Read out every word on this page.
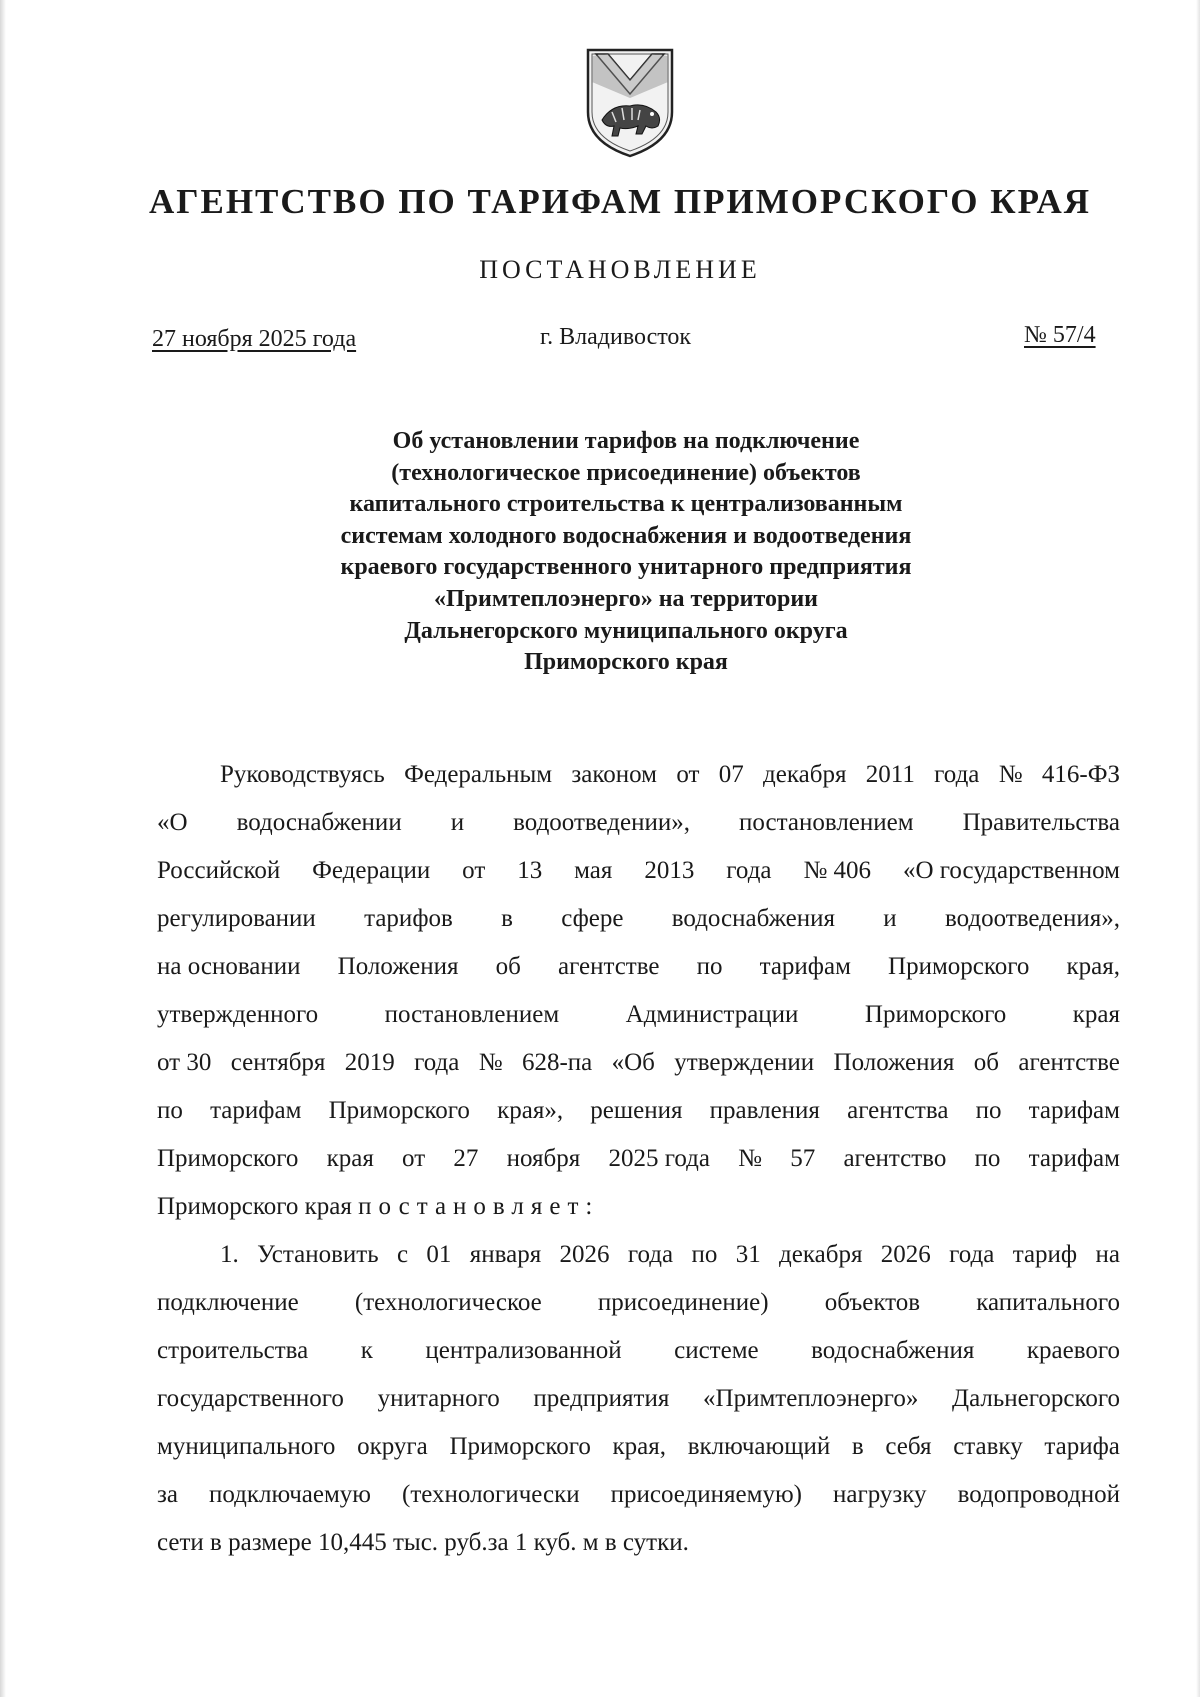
АГЕНТСТВО ПО ТАРИФАМ ПРИМОРСКОГО КРАЯ
ПОСТАНОВЛЕНИЕ
27 ноября 2025 года	г. Владивосток	№ 57/4
Об установлении тарифов на подключение
(технологическое присоединение) объектов
капитального строительства к централизованным
системам холодного водоснабжения и водоотведения
краевого государственного унитарного предприятия
«Примтеплоэнерго» на территории
Дальнегорского муниципального округа
Приморского края
Руководствуясь Федеральным законом от 07 декабря 2011 года № 416-ФЗ
«О водоснабжении и водоотведении», постановлением Правительства
Российской Федерации от 13 мая 2013 года № 406 «О государственном
регулировании тарифов в сфере водоснабжения и водоотведения»,
на основании Положения об агентстве по тарифам Приморского края,
утвержденного	постановлением	Администрации	Приморского	края
от 30 сентября 2019 года № 628-па «Об утверждении Положения об агентстве
по тарифам Приморского края», решения правления агентства по тарифам
Приморского края от 27 ноября 2025 года № 57 агентство по тарифам
Приморского края постановляет:
1. Установить с 01 января 2026 года по 31 декабря 2026 года тариф на
подключение (технологическое присоединение) объектов капитального
строительства к централизованной системе водоснабжения краевого
государственного унитарного предприятия «Примтеплоэнерго» Дальнегорского
муниципального округа Приморского края, включающий в себя ставку тарифа
за подключаемую (технологически присоединяемую) нагрузку водопроводной
сети в размере 10,445 тыс. руб.за 1 куб. м в сутки.
